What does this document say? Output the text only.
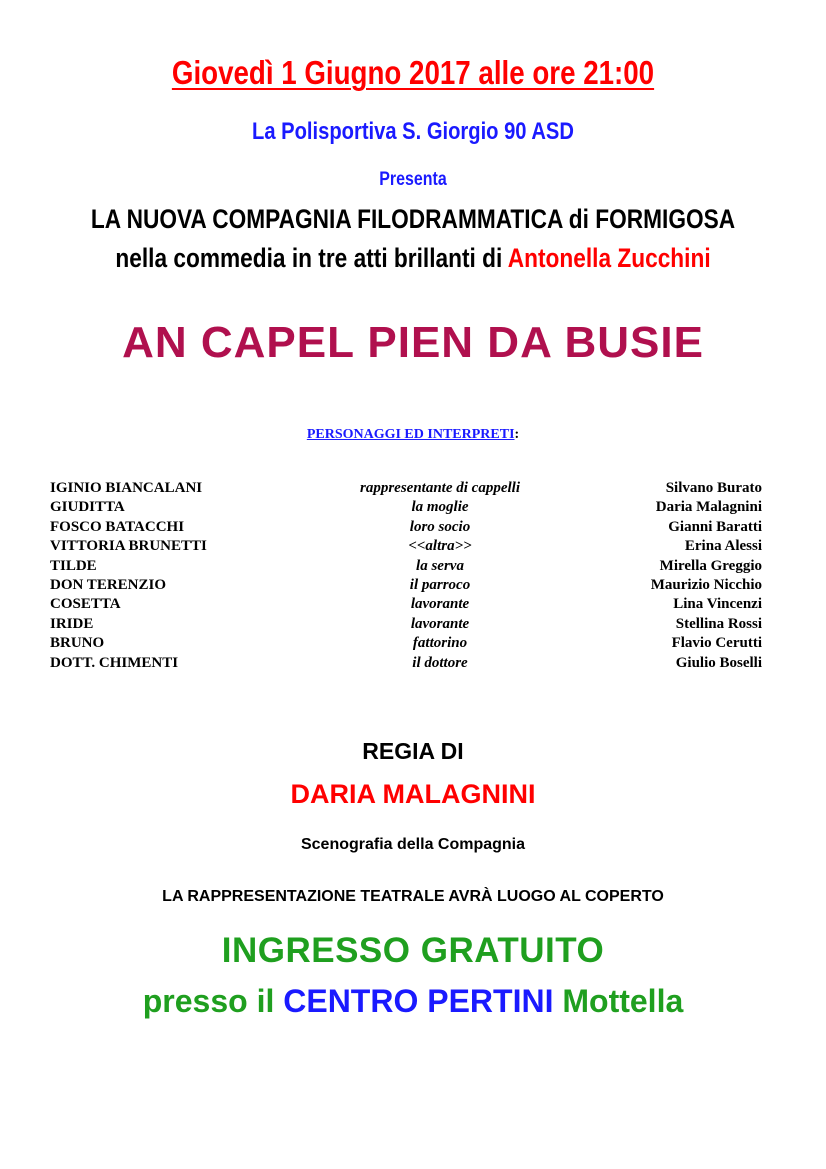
Giovedì 1 Giugno 2017 alle ore 21:00
La Polisportiva S. Giorgio 90 ASD
Presenta
LA NUOVA COMPAGNIA FILODRAMMATICA di FORMIGOSA
nella commedia in tre atti brillanti di Antonella Zucchini
AN CAPEL PIEN DA BUSIE
PERSONAGGI ED INTERPRETI:
IGINIO BIANCALANI	rappresentante di cappelli	Silvano Burato
GIUDITTA	la moglie	Daria Malagnini
FOSCO BATACCHI	loro socio	Gianni Baratti
VITTORIA BRUNETTI	<<altra>>	Erina Alessi
TILDE	la serva	Mirella Greggio
DON TERENZIO	il parroco	Maurizio Nicchio
COSETTA	lavorante	Lina Vincenzi
IRIDE	lavorante	Stellina Rossi
BRUNO	fattorino	Flavio Cerutti
DOTT. CHIMENTI	il dottore	Giulio Boselli
REGIA DI
DARIA MALAGNINI
Scenografia della Compagnia
LA RAPPRESENTAZIONE TEATRALE AVRÀ LUOGO AL COPERTO
INGRESSO GRATUITO
presso il CENTRO PERTINI Mottella
